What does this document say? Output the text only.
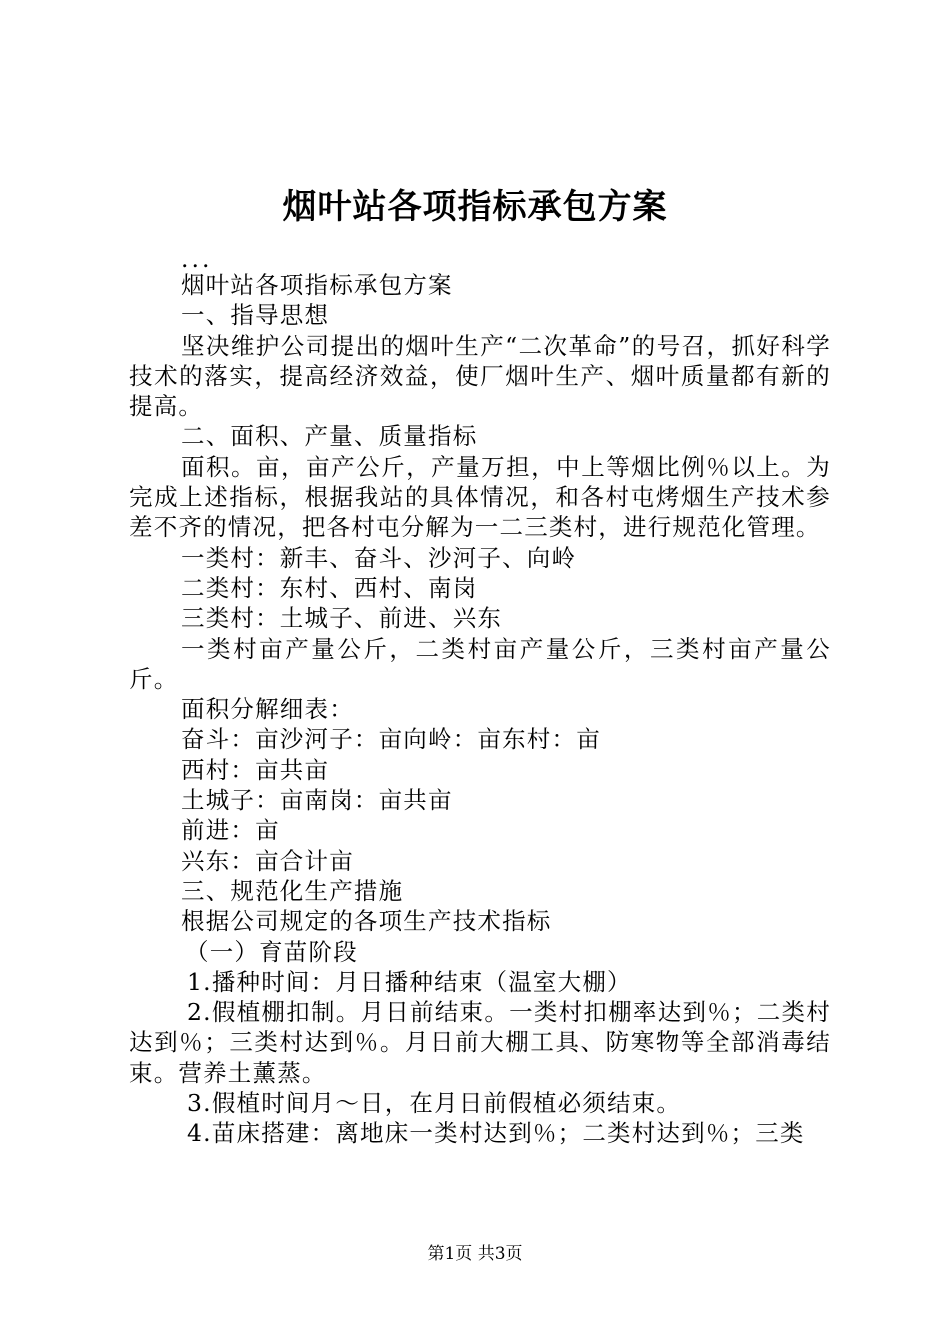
烟叶站各项指标承包方案

...

烟叶站各项指标承包方案

一、指导思想

坚决维护公司提出的烟叶生产“二次革命”的号召，抓好科学技术的落实，提高经济效益，使厂烟叶生产、烟叶质量都有新的提高。

二、面积、产量、质量指标

面积。亩，亩产公斤，产量万担，中上等烟比例％以上。为完成上述指标，根据我站的具体情况，和各村屯烤烟生产技术参差不齐的情况，把各村屯分解为一二三类村，进行规范化管理。

一类村：新丰、奋斗、沙河子、向岭

二类村：东村、西村、南岗

三类村：土城子、前进、兴东

一类村亩产量公斤，二类村亩产量公斤，三类村亩产量公斤。

面积分解细表：

奋斗：亩沙河子：亩向岭：亩东村：亩

西村：亩共亩

土城子：亩南岗：亩共亩

前进：亩

兴东：亩合计亩

三、规范化生产措施

根据公司规定的各项生产技术指标

（一）育苗阶段

1.播种时间：月日播种结束（温室大棚）

2.假植棚扣制。月日前结束。一类村扣棚率达到％；二类村达到％；三类村达到％。月日前大棚工具、防寒物等全部消毒结束。营养土薰蒸。

3.假植时间月～日，在月日前假植必须结束。

4.苗床搭建：离地床一类村达到％；二类村达到％；三类

第1页 共3页
